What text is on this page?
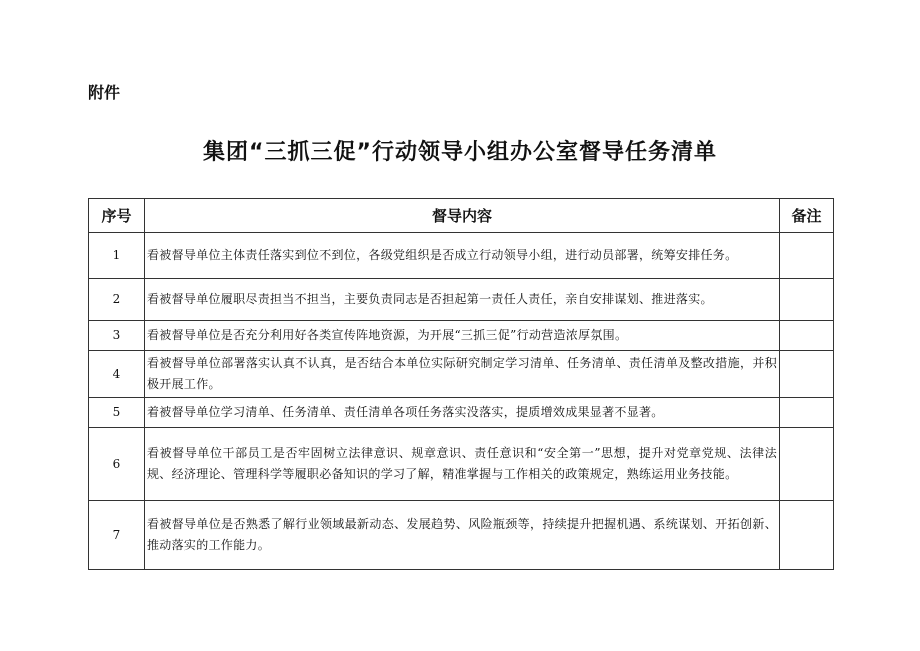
附件
集团“三抓三促”行动领导小组办公室督导任务清单
序号	督导内容	备注
1	看被督导单位主体责任落实到位不到位，各级党组织是否成立行动领导小组，进行动员部署，统筹安排任务。	
2	看被督导单位履职尽责担当不担当，主要负责同志是否担起第一责任人责任，亲自安排谋划、推进落实。	
3	看被督导单位是否充分利用好各类宣传阵地资源，为开展“三抓三促”行动营造浓厚氛围。	
4	看被督导单位部署落实认真不认真，是否结合本单位实际研究制定学习清单、任务清单、责任清单及整改措施，并积极开展工作。	
5	着被督导单位学习清单、任务清单、责任清单各项任务落实没落实，提质增效成果显著不显著。	
6	看被督导单位干部员工是否牢固树立法律意识、规章意识、责任意识和“安全第一”思想，提升对党章党规、法律法规、经济理论、管理科学等履职必备知识的学习了解，精准掌握与工作相关的政策规定，熟练运用业务技能。	
7	看被督导单位是否熟悉了解行业领域最新动态、发展趋势、风险瓶颈等，持续提升把握机遇、系统谋划、开拓创新、推动落实的工作能力。	
